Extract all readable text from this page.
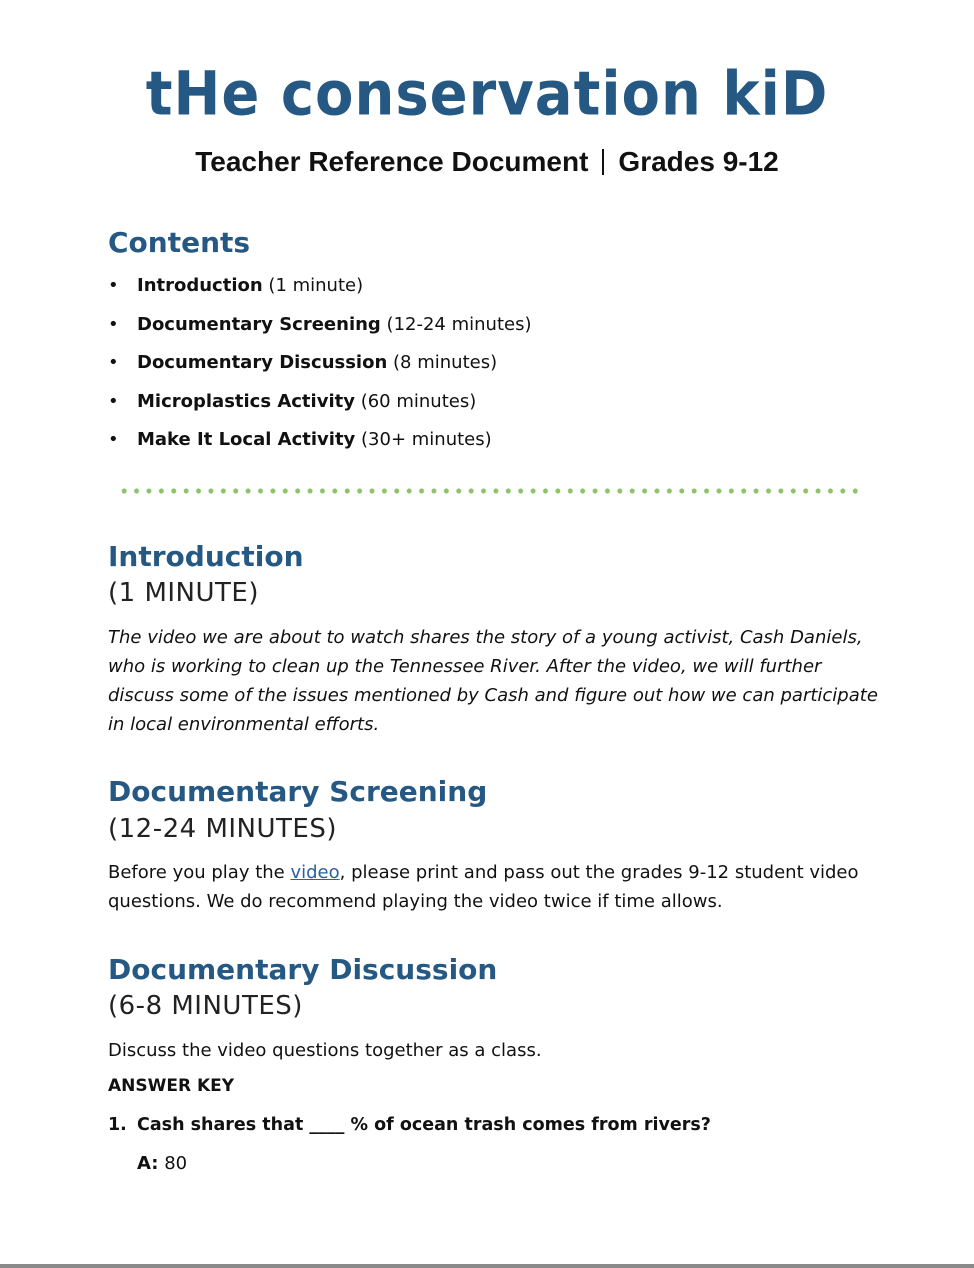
tHe conservation kiD
Teacher Reference Document Grades 9-12
Contents
• Introduction (1 minute)
• Documentary Screening (12-24 minutes)
• Documentary Discussion (8 minutes)
• Microplastics Activity (60 minutes)
• Make It Local Activity (30+ minutes)
Introduction
(1 MINUTE)
The video we are about to watch shares the story of a young activist, Cash Daniels, who is working to clean up the Tennessee River. After the video, we will further discuss some of the issues mentioned by Cash and figure out how we can participate in local environmental efforts.
Documentary Screening
(12-24 MINUTES)
Before you play the video, please print and pass out the grades 9-12 student video questions. We do recommend playing the video twice if time allows.
Documentary Discussion
(6-8 MINUTES)
Discuss the video questions together as a class.
ANSWER KEY
1. Cash shares that ____ % of ocean trash comes from rivers?
A: 80
